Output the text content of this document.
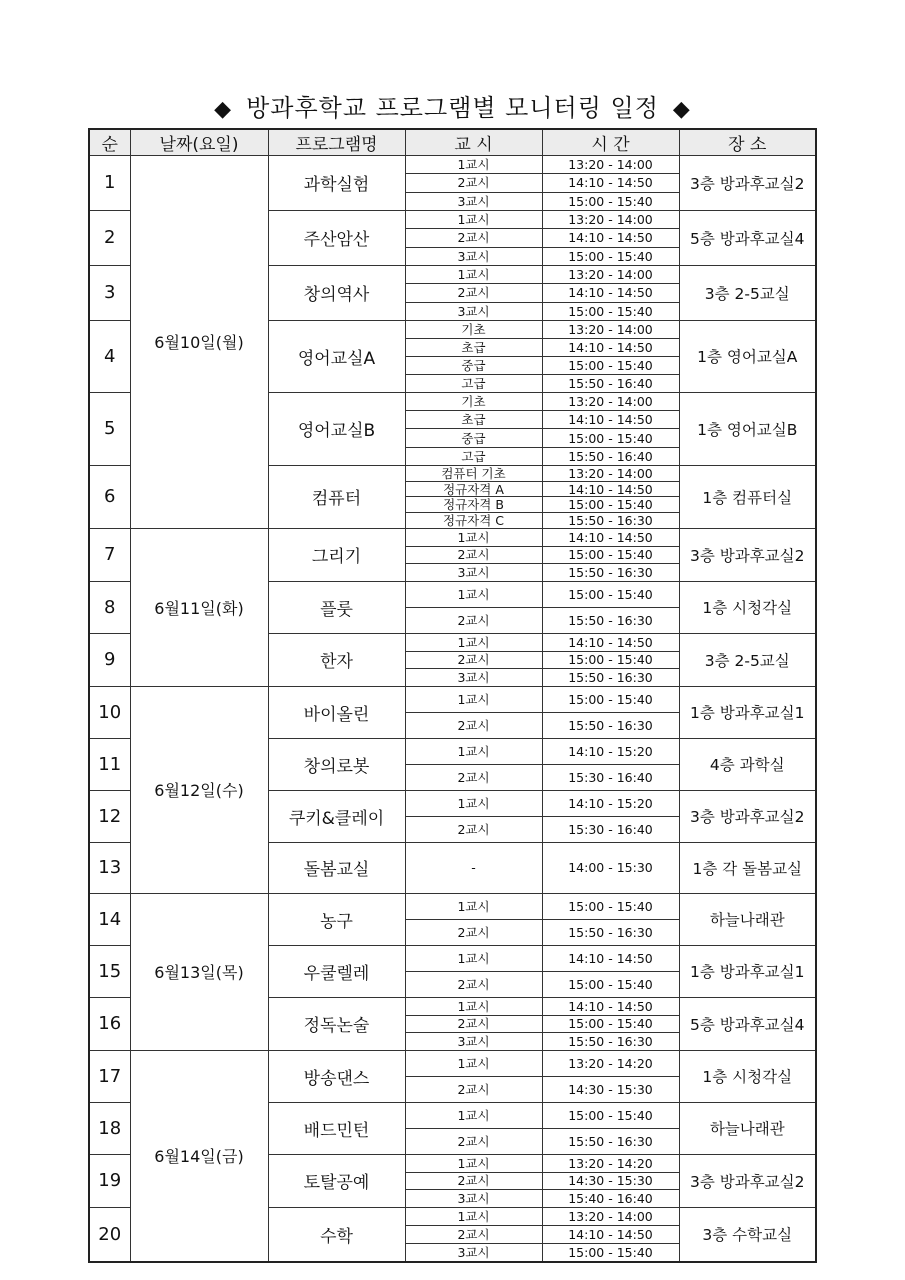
◆ 방과후학교 프로그램별 모니터링 일정 ◆
순	날짜(요일)	프로그램명	교 시	시 간	장 소
1	6월10일(월)	과학실험	1교시	13:20 - 14:00	3층 방과후교실2
			2교시	14:10 - 14:50	
			3교시	15:00 - 15:40	
2		주산암산	1교시	13:20 - 14:00	5층 방과후교실4
			2교시	14:10 - 14:50	
			3교시	15:00 - 15:40	
3		창의역사	1교시	13:20 - 14:00	3층 2-5교실
			2교시	14:10 - 14:50	
			3교시	15:00 - 15:40	
4		영어교실A	기초	13:20 - 14:00	1층 영어교실A
			초급	14:10 - 14:50	
			중급	15:00 - 15:40	
			고급	15:50 - 16:40	
5		영어교실B	기초	13:20 - 14:00	1층 영어교실B
			초급	14:10 - 14:50	
			중급	15:00 - 15:40	
			고급	15:50 - 16:40	
6		컴퓨터	컴퓨터 기초	13:20 - 14:00	1층 컴퓨터실
			정규자격 A	14:10 - 14:50	
			정규자격 B	15:00 - 15:40	
			정규자격 C	15:50 - 16:30	
7	6월11일(화)	그리기	1교시	14:10 - 14:50	3층 방과후교실2
			2교시	15:00 - 15:40	
			3교시	15:50 - 16:30	
8		플룻	1교시	15:00 - 15:40	1층 시청각실
			2교시	15:50 - 16:30	
9		한자	1교시	14:10 - 14:50	3층 2-5교실
			2교시	15:00 - 15:40	
			3교시	15:50 - 16:30	
10	6월12일(수)	바이올린	1교시	15:00 - 15:40	1층 방과후교실1
			2교시	15:50 - 16:30	
11		창의로봇	1교시	14:10 - 15:20	4층 과학실
			2교시	15:30 - 16:40	
12		쿠키&클레이	1교시	14:10 - 15:20	3층 방과후교실2
			2교시	15:30 - 16:40	
13		돌봄교실	-	14:00 - 15:30	1층 각 돌봄교실
14	6월13일(목)	농구	1교시	15:00 - 15:40	하늘나래관
			2교시	15:50 - 16:30	
15		우쿨렐레	1교시	14:10 - 14:50	1층 방과후교실1
			2교시	15:00 - 15:40	
16		정독논술	1교시	14:10 - 14:50	5층 방과후교실4
			2교시	15:00 - 15:40	
			3교시	15:50 - 16:30	
17	6월14일(금)	방송댄스	1교시	13:20 - 14:20	1층 시청각실
			2교시	14:30 - 15:30	
18		배드민턴	1교시	15:00 - 15:40	하늘나래관
			2교시	15:50 - 16:30	
19		토탈공예	1교시	13:20 - 14:20	3층 방과후교실2
			2교시	14:30 - 15:30	
			3교시	15:40 - 16:40	
20		수학	1교시	13:20 - 14:00	3층 수학교실
			2교시	14:10 - 14:50	
			3교시	15:00 - 15:40	
